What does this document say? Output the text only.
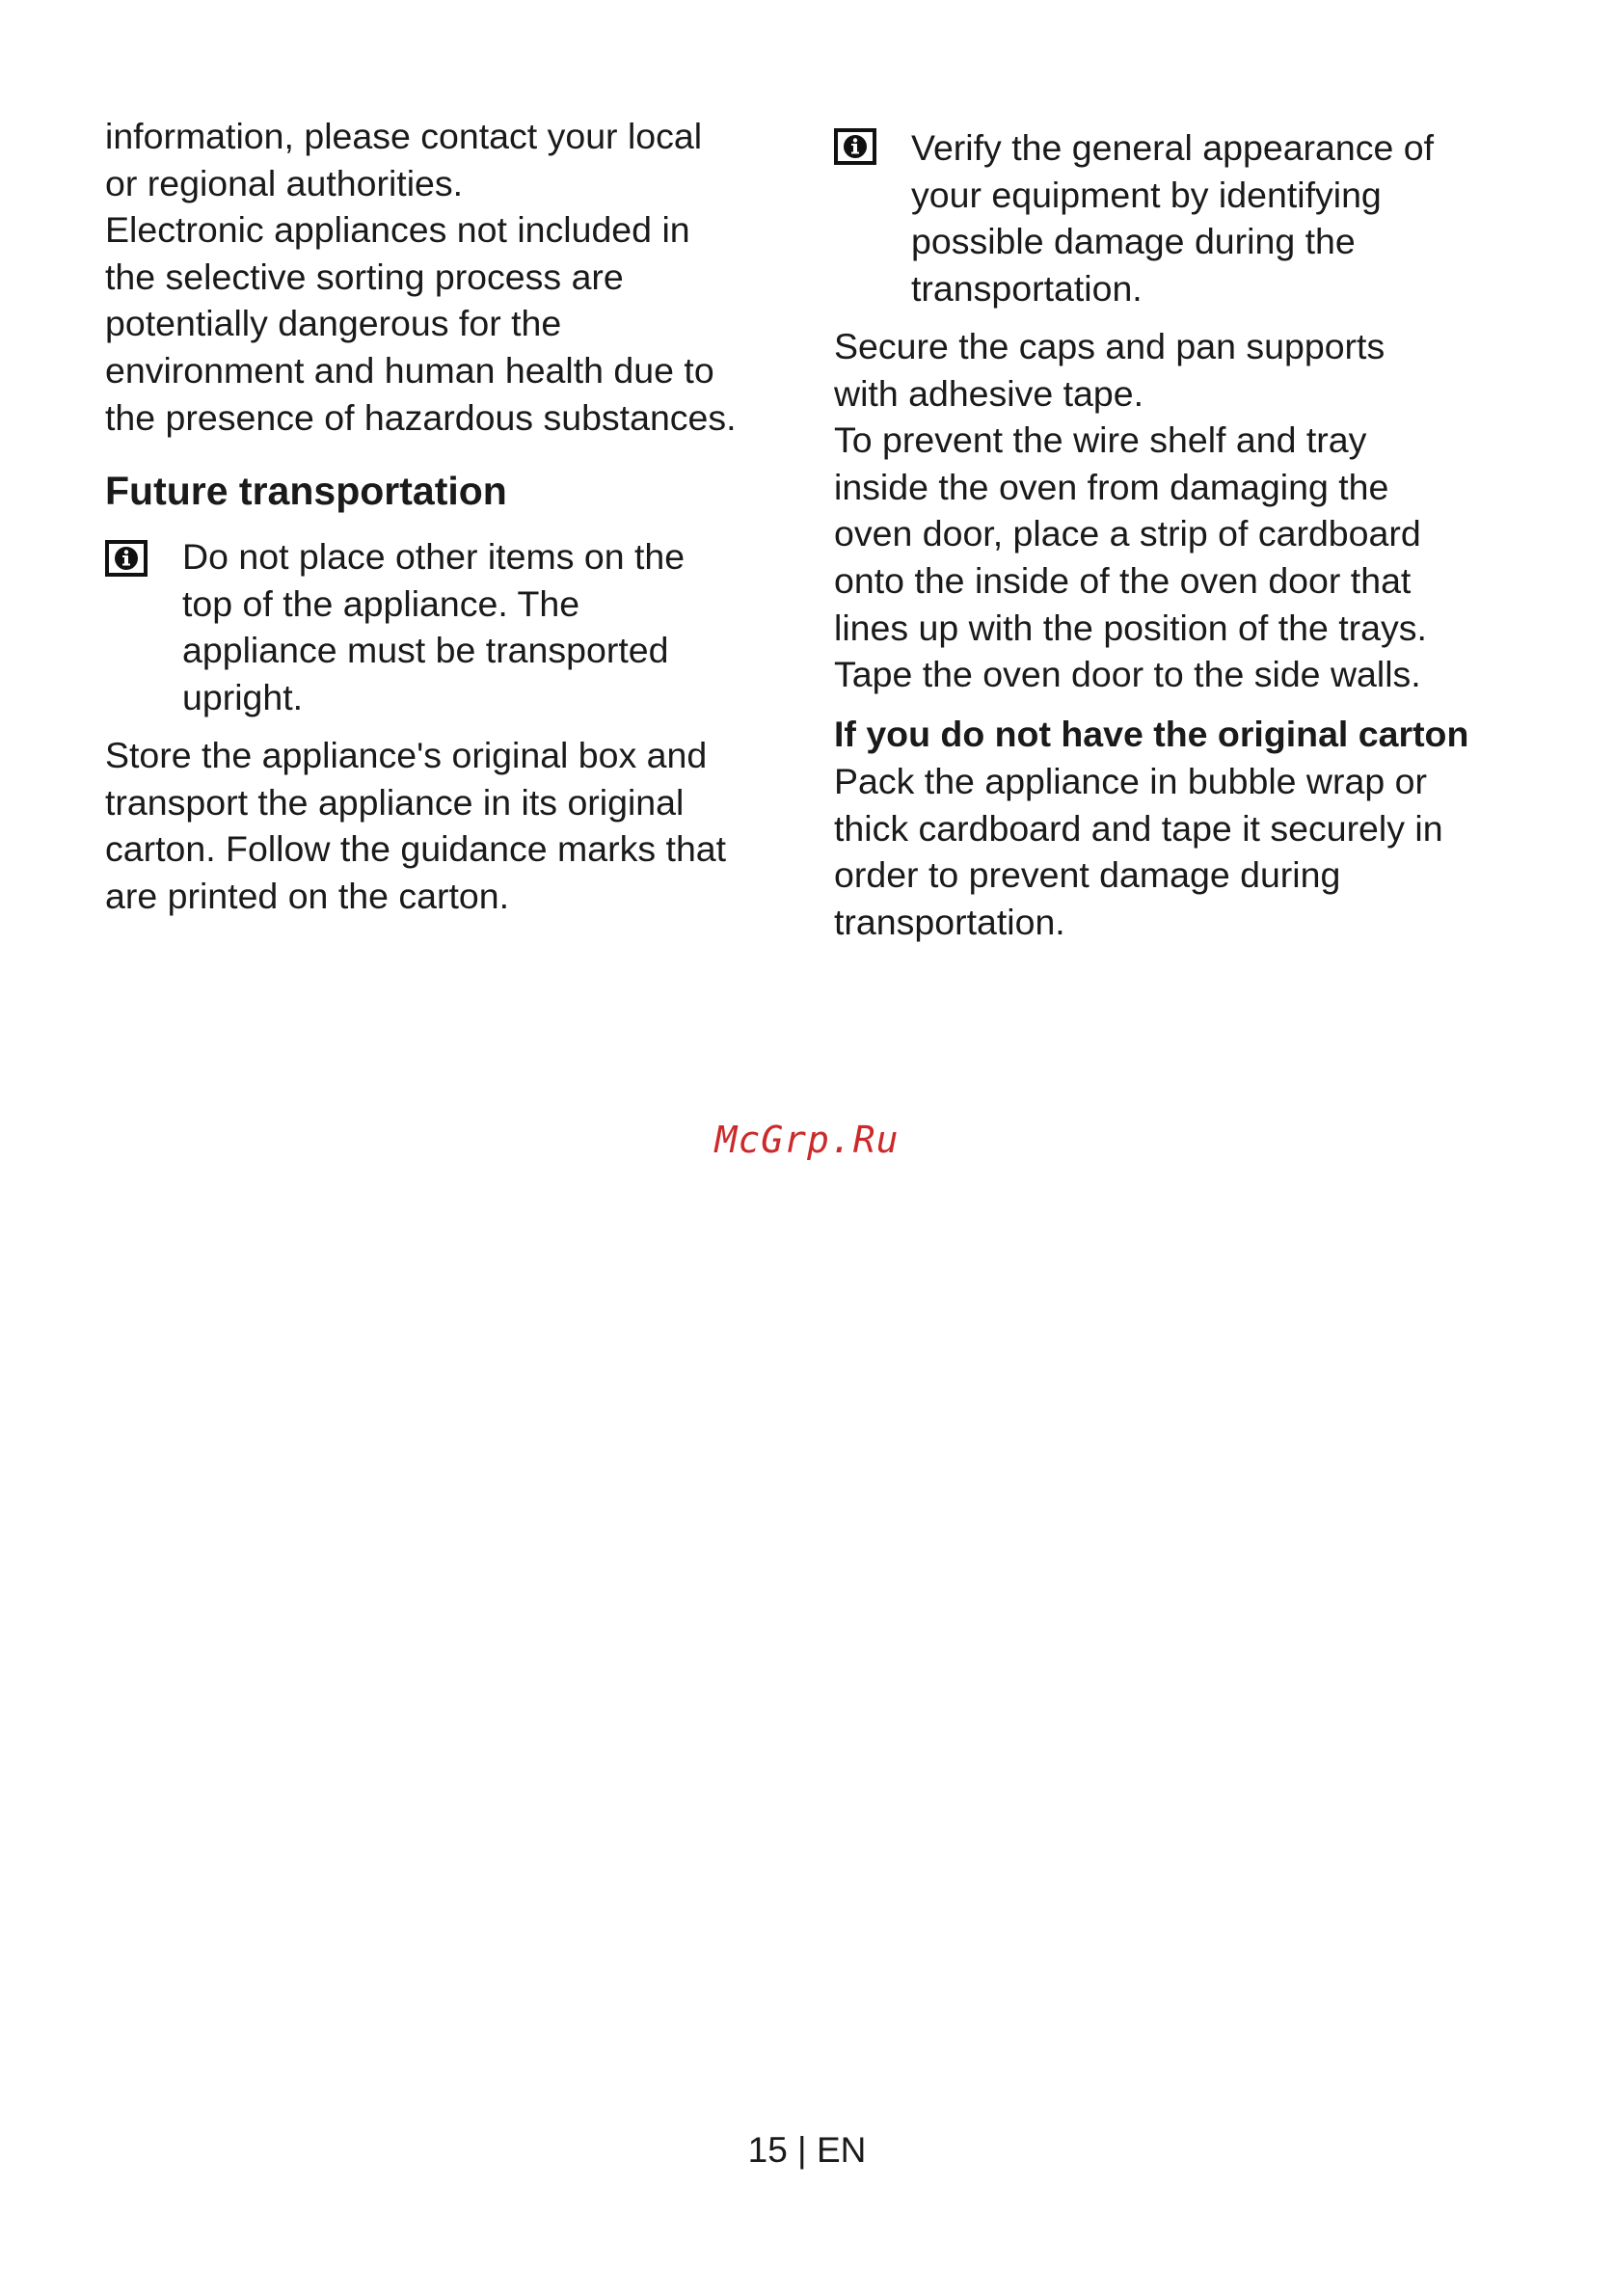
information, please contact your local
or regional authorities.
Electronic appliances not included in
the selective sorting process are
potentially dangerous for the
environment and human health due to
the presence of hazardous substances.

Future transportation

Do not place other items on the
top of the appliance. The
appliance must be transported
upright.

Store the appliance's original box and
transport the appliance in its original
carton. Follow the guidance marks that
are printed on the carton.

Verify the general appearance of
your equipment by identifying
possible damage during the
transportation.

Secure the caps and pan supports
with adhesive tape.
To prevent the wire shelf and tray
inside the oven from damaging the
oven door, place a strip of cardboard
onto the inside of the oven door that
lines up with the position of the trays.
Tape the oven door to the side walls.

If you do not have the original carton

Pack the appliance in bubble wrap or
thick cardboard and tape it securely in
order to prevent damage during
transportation.

McGrp.Ru
15 | EN
